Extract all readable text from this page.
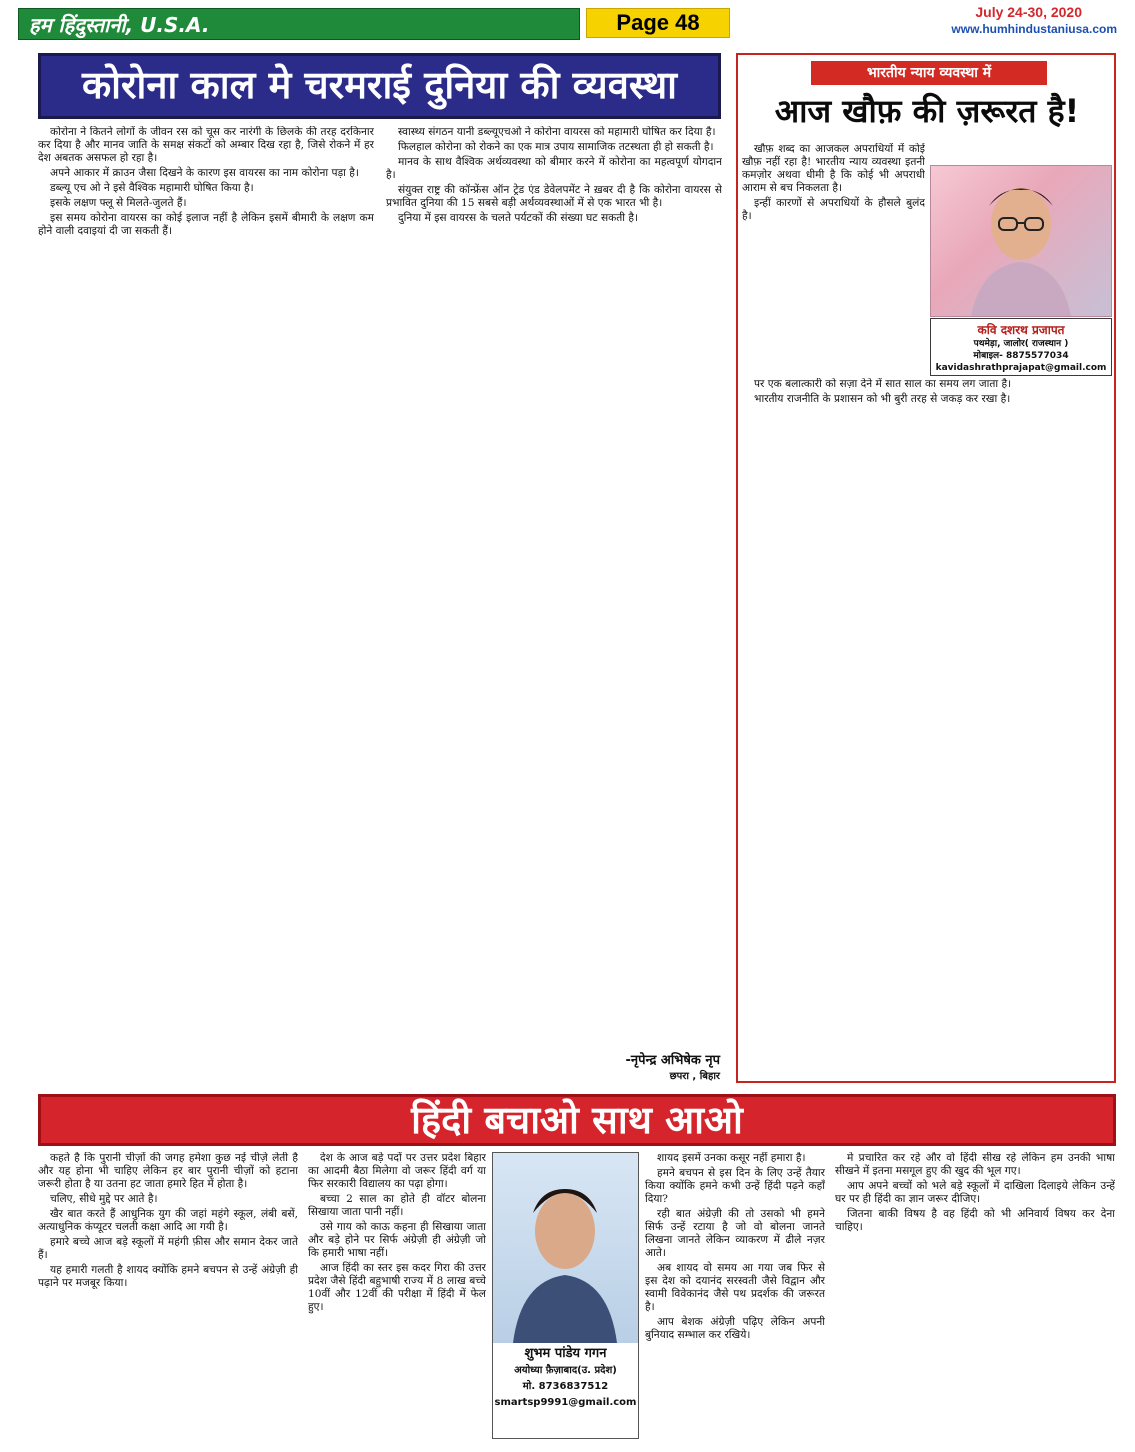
हम हिंदुस्तानी, U.S.A.	Page 48	July 24-30, 2020
www.humhindustaniusa.com
कोरोना काल मे चरमराई दुनिया की व्यवस्था

कोरोना ने कितने लोगों के जीवन रस को चूस कर नारंगी के छिलके की तरह दरकिनार कर दिया है और मानव जाति के समक्ष संकटों को अम्बार दिख रहा है, जिसे रोकने में हर देश अबतक असफल हो रहा है।

अपने आकार में क्राउन जैसा दिखने के कारण इस वायरस का नाम कोरोना पड़ा है।

डब्ल्यू एच ओ ने इसे वैश्विक महामारी घोषित किया है।

इसके लक्षण फ्लू से मिलते-जुलते हैं।

इस समय कोरोना वायरस का कोई इलाज नहीं है लेकिन इसमें बीमारी के लक्षण कम होने वाली दवाइयां दी जा सकती हैं।

स्वास्थ्य संगठन यानी डब्ल्यूएचओ ने कोरोना वायरस को महामारी घोषित कर दिया है।

फिलहाल कोरोना को रोकने का एक मात्र उपाय सामाजिक तटस्थता ही हो सकती है।

मानव के साथ वैश्विक अर्थव्यवस्था को बीमार करने में कोरोना का महत्वपूर्ण योगदान है।

संयुक्त राष्ट्र की कॉन्फ्रेंस ऑन ट्रेड एंड डेवेलपमेंट ने ख़बर दी है कि कोरोना वायरस से प्रभावित दुनिया की 15 सबसे बड़ी अर्थव्यवस्थाओं में से एक भारत भी है।

दुनिया में इस वायरस के चलते पर्यटकों की संख्या घट सकती है।

-नृपेन्द्र अभिषेक नृप
छपरा , बिहार
भारतीय न्याय व्यवस्था में
आज खौफ़ की ज़रूरत है!

खौफ़ शब्द का आजकल अपराधियों में कोई खौफ़ नहीं रहा है! भारतीय न्याय व्यवस्था इतनी कमज़ोर अथवा धीमी है कि कोई भी अपराधी आराम से बच निकलता है।

इन्हीं कारणों से अपराधियों के हौसले बुलंद है।

पर एक बलात्कारी को सज़ा देने में सात साल का समय लग जाता है।

भारतीय राजनीति के प्रशासन को भी बुरी तरह से जकड़ कर रखा है।

कवि दशरथ प्रजापत
पथमेड़ा, जालोर( राजस्थान )
मोबाइल- 8875577034
kavidashrathprajapat@gmail.com
हिंदी बचाओ साथ आओ

कहते है कि पुरानी चीज़ों की जगह हमेशा कुछ नई चीज़े लेती है और यह होना भी चाहिए लेकिन हर बार पुरानी चीज़ों को हटाना जरूरी होता है या उतना हट जाता हमारे हित में होता है।

चलिए, सीधे मुद्दे पर आते है।

खैर बात करते हैं आधुनिक युग की जहां महंगे स्कूल, लंबी बसें, अत्याधुनिक कंप्यूटर चलती कक्षा आदि आ गयी है।

हमारे बच्चे आज बड़े स्कूलों में महंगी फ़ीस और समान देकर जाते हैं।

यह हमारी गलती है शायद क्योंकि हमने बचपन से उन्हें अंग्रेज़ी ही पढ़ाने पर मजबूर किया।

देश के आज बड़े पदों पर उत्तर प्रदेश बिहार का आदमी बैठा मिलेगा वो जरूर हिंदी वर्ग या फिर सरकारी विद्यालय का पढ़ा होगा।

बच्चा 2 साल का होते ही वॉटर बोलना सिखाया जाता पानी नहीं।

उसे गाय को काऊ कहना ही सिखाया जाता और बड़े होने पर सिर्फ अंग्रेज़ी ही अंग्रेज़ी जो कि हमारी भाषा नहीं।

आज हिंदी का स्तर इस कदर गिरा की उत्तर प्रदेश जैसे हिंदी बहुभाषी राज्य में 8 लाख बच्चे 10वीं और 12वीं की परीक्षा में हिंदी में फेल हुए।

शायद इसमें उनका कसूर नहीं हमारा है।

हमने बचपन से इस दिन के लिए उन्हें तैयार किया क्योंकि हमने कभी उन्हें हिंदी पढ़ने कहाँ दिया?

रही बात अंग्रेज़ी की तो उसको भी हमने सिर्फ उन्हें रटाया है जो वो बोलना जानते लिखना जानते लेकिन व्याकरण में ढीले नज़र आते।

अब शायद वो समय आ गया जब फिर से इस देश को दयानंद सरस्वती जैसे विद्वान और स्वामी विवेकानंद जैसे पथ प्रदर्शक की जरूरत है।

आप बेशक अंग्रेज़ी पढ़िए लेकिन अपनी बुनियाद सम्भाल कर रखिये।

मे प्रचारित कर रहे और वो हिंदी सीख रहे लेकिन हम उनकी भाषा सीखने में इतना मसगूल हुए की खुद की भूल गए।

आप अपने बच्चों को भले बड़े स्कूलों में दाखिला दिलाइये लेकिन उन्हें घर पर ही हिंदी का ज्ञान जरूर दीजिए।

जितना बाकी विषय है वह हिंदी को भी अनिवार्य विषय कर देना चाहिए।

शुभम पांडेय गगन
अयोध्या फ़ैज़ाबाद(उ. प्रदेश)
मो. 8736837512
smartsp9991@gmail.com
